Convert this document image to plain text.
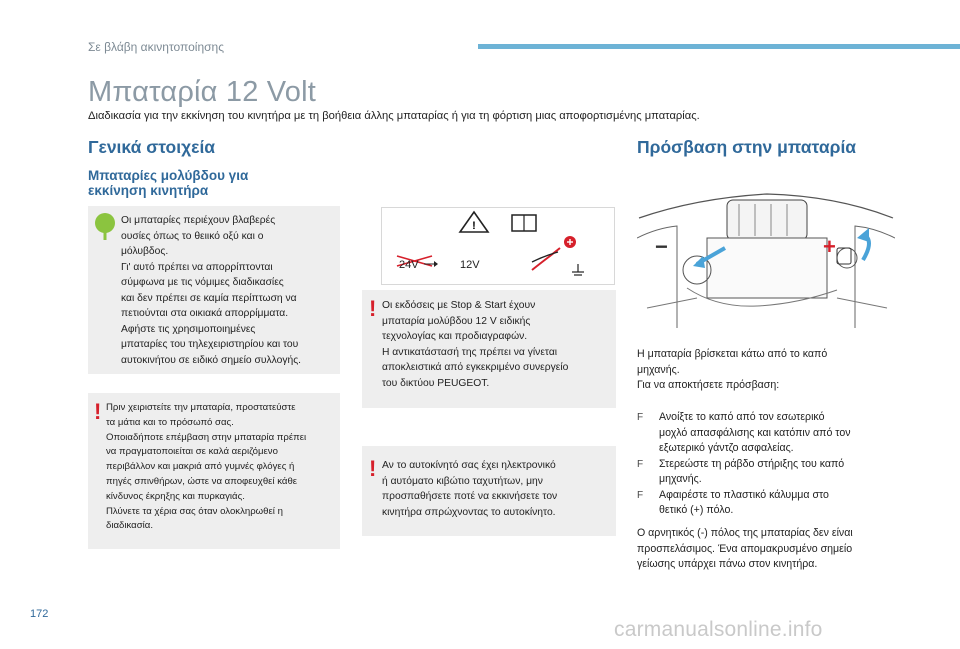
Σε βλάβη ακινητοποίησης
Μπαταρία 12 Volt
Διαδικασία για την εκκίνηση του κινητήρα με τη βοήθεια άλλης μπαταρίας ή για τη φόρτιση μιας αποφορτισμένης μπαταρίας.
Γενικά στοιχεία
Μπαταρίες μολύβδου για
εκκίνηση κινητήρα

Οι μπαταρίες περιέχουν βλαβερές

ουσίες όπως το θειικό οξύ και ο

μόλυβδος.

Γι' αυτό πρέπει να απορρίπτονται

σύμφωνα με τις νόμιμες διαδικασίες

και δεν πρέπει σε καμία περίπτωση να

πετιούνται στα οικιακά απορρίμματα.

Αφήστε τις χρησιμοποιημένες

μπαταρίες του τηλεχειριστηρίου και του

αυτοκινήτου σε ειδικό σημείο συλλογής.

! Πριν χειριστείτε την μπαταρία, προστατεύστε

τα μάτια και το πρόσωπό σας.

Οποιαδήποτε επέμβαση στην μπαταρία πρέπει

να πραγματοποιείται σε καλά αεριζόμενο

περιβάλλον και μακριά από γυμνές φλόγες ή

πηγές σπινθήρων, ώστε να αποφευχθεί κάθε

κίνδυνος έκρηξης και πυρκαγιάς.

Πλύνετε τα χέρια σας όταν ολοκληρωθεί η

διαδικασία.

!
24V	12V
! Οι εκδόσεις με Stop & Start έχουν

μπαταρία μολύβδου 12 V ειδικής

τεχνολογίας και προδιαγραφών.

Η αντικατάστασή της πρέπει να γίνεται

αποκλειστικά από εγκεκριμένο συνεργείο

του δικτύου PEUGEOT.

! Αν το αυτοκίνητό σας έχει ηλεκτρονικό

ή αυτόματο κιβώτιο ταχυτήτων, μην

προσπαθήσετε ποτέ να εκκινήσετε τον

κινητήρα σπρώχνοντας το αυτοκίνητο.

Πρόσβαση στην μπαταρία
−	+

Η μπαταρία βρίσκεται κάτω από το καπό

μηχανής.

Για να αποκτήσετε πρόσβαση:

F Ανοίξτε το καπό από τον εσωτερικό
μοχλό απασφάλισης και κατόπιν από τον
εξωτερικό γάντζο ασφαλείας.
F Στερεώστε τη ράβδο στήριξης του καπό
μηχανής.
F Αφαιρέστε το πλαστικό κάλυμμα στο
θετικό (+) πόλο.

Ο αρνητικός (-) πόλος της μπαταρίας δεν είναι

προσπελάσιμος. Ένα απομακρυσμένο σημείο

γείωσης υπάρχει πάνω στον κινητήρα.

172
carmanualsonline.info
